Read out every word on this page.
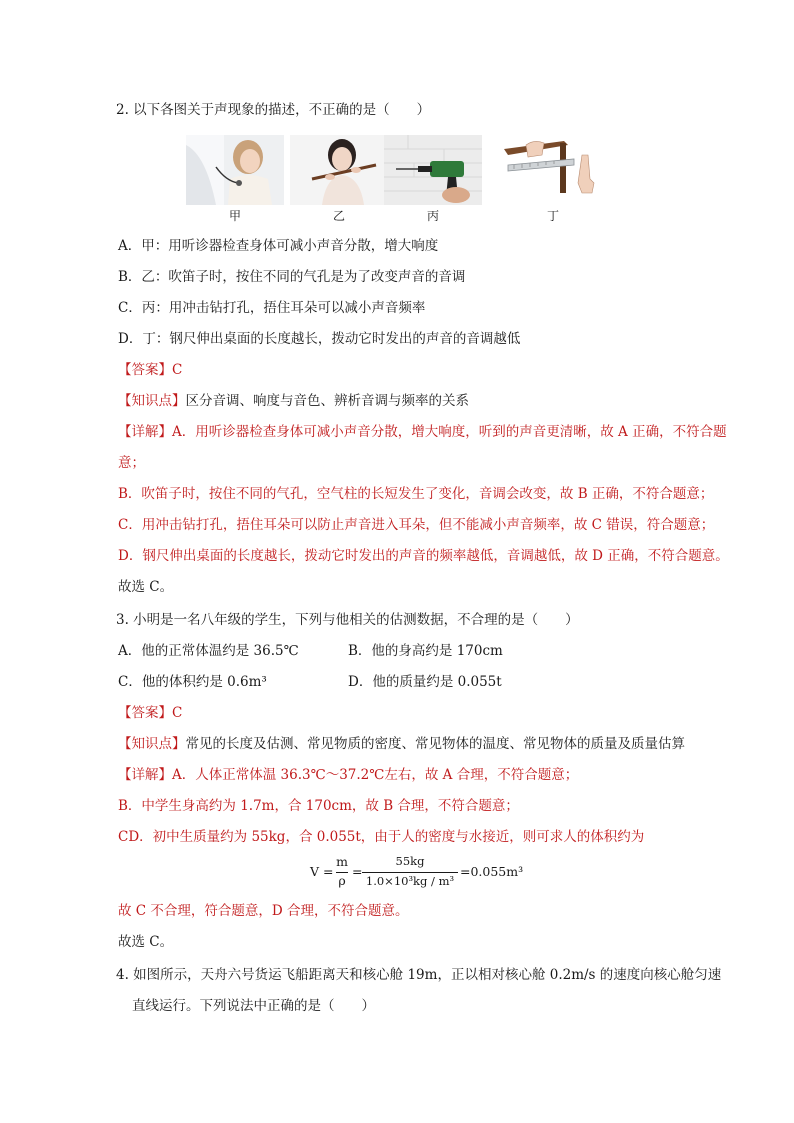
2. 以下各图关于声现象的描述，不正确的是（　　）
甲	乙	丙	丁
A．甲：用听诊器检查身体可减小声音分散，增大响度
B．乙：吹笛子时，按住不同的气孔是为了改变声音的音调
C．丙：用冲击钻打孔，捂住耳朵可以减小声音频率
D．丁：钢尺伸出桌面的长度越长，拨动它时发出的声音的音调越低
【答案】C
【知识点】区分音调、响度与音色、辨析音调与频率的关系
【详解】A．用听诊器检查身体可减小声音分散，增大响度，听到的声音更清晰，故 A 正确，不符合题
意；
B．吹笛子时，按住不同的气孔，空气柱的长短发生了变化，音调会改变，故 B 正确，不符合题意；
C．用冲击钻打孔，捂住耳朵可以防止声音进入耳朵，但不能减小声音频率，故 C 错误，符合题意；
D．钢尺伸出桌面的长度越长，拨动它时发出的声音的频率越低，音调越低，故 D 正确，不符合题意。
故选 C。
3. 小明是一名八年级的学生，下列与他相关的估测数据，不合理的是（　　）
A．他的正常体温约是 36.5℃	B．他的身高约是 170cm
C．他的体积约是 0.6m³	D．他的质量约是 0.055t
【答案】C
【知识点】常见的长度及估测、常见物质的密度、常见物体的温度、常见物体的质量及质量估算
【详解】A．人体正常体温 36.3℃～37.2℃左右，故 A 合理，不符合题意；
B．中学生身高约为 1.7m，合 170cm，故 B 合理，不符合题意；
CD．初中生质量约为 55kg，合 0.055t，由于人的密度与水接近，则可求人的体积约为
V =
m
ρ
=
55kg
1.0×10³kg / m³
=0.055m³
故 C 不合理，符合题意，D 合理，不符合题意。
故选 C。
4. 如图所示，天舟六号货运飞船距离天和核心舱 19m，正以相对核心舱 0.2m/s 的速度向核心舱匀速
直线运行。下列说法中正确的是（　　）
